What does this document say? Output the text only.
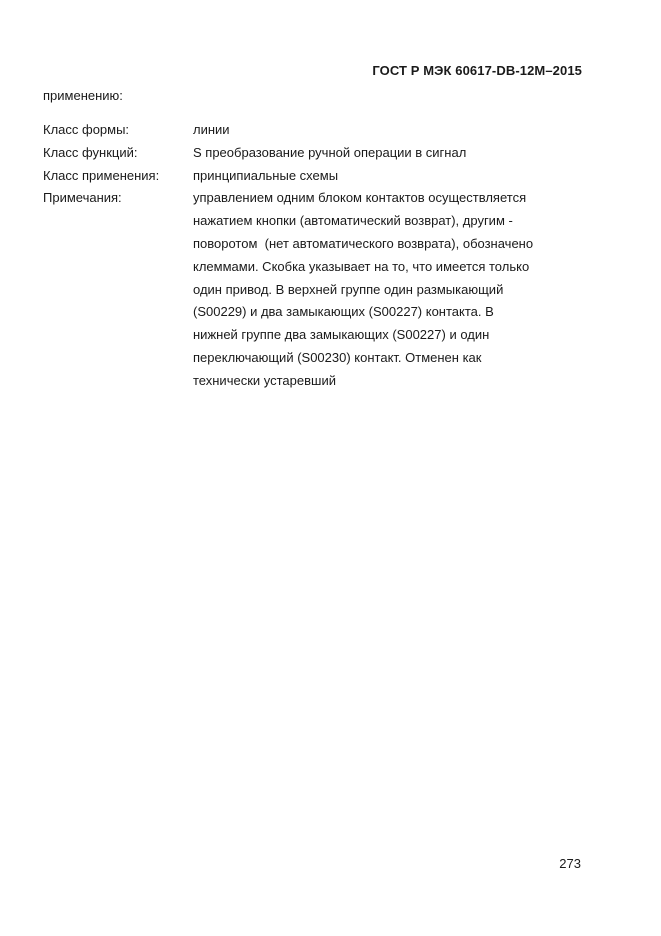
ГОСТ Р МЭК 60617-DB-12M–2015
применению:
Класс формы:	линии
Класс функций:	S преобразование ручной операции в сигнал
Класс применения:	принципиальные схемы
Примечания:	управлением одним блоком контактов осуществляется
нажатием кнопки (автоматический возврат), другим -
поворотом  (нет автоматического возврата), обозначено
клеммами. Скобка указывает на то, что имеется только
один привод. В верхней группе один размыкающий
(S00229) и два замыкающих (S00227) контакта. В
нижней группе два замыкающих (S00227) и один
переключающий (S00230) контакт. Отменен как
технически устаревший
273
